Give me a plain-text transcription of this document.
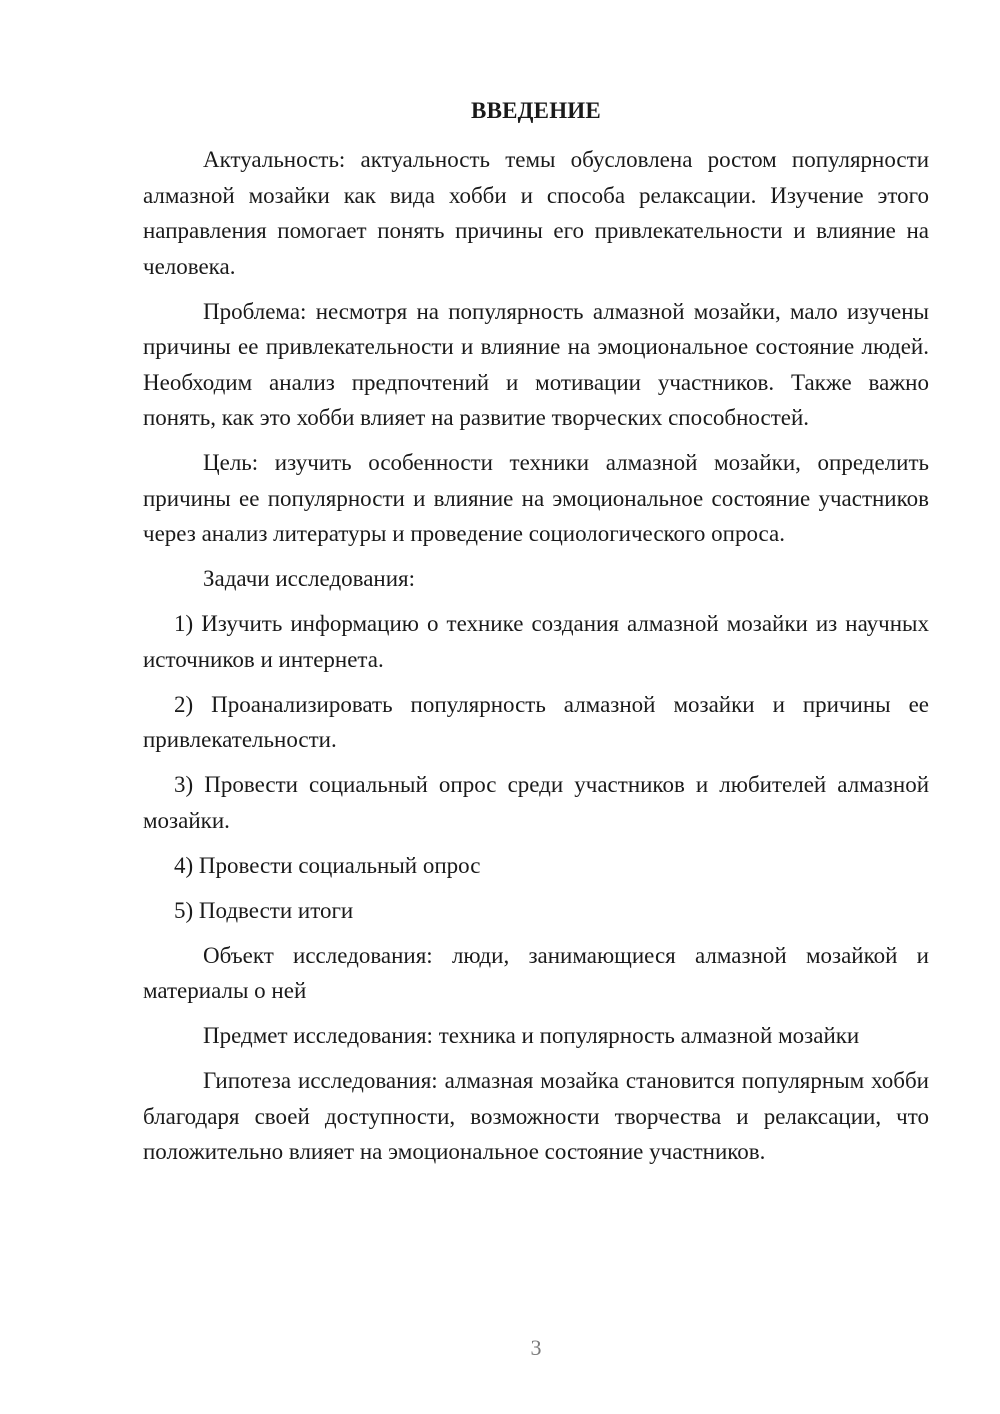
ВВЕДЕНИЕ

Актуальность: актуальность темы обусловлена ростом популярности алмазной мозайки как вида хобби и способа релаксации. Изучение этого направления помогает понять причины его привлекательности и влияние на человека.

Проблема: несмотря на популярность алмазной мозайки, мало изучены причины ее привлекательности и влияние на эмоциональное состояние людей. Необходим анализ предпочтений и мотивации участников. Также важно понять, как это хобби влияет на развитие творческих способностей.

Цель: изучить особенности техники алмазной мозайки, определить причины ее популярности и влияние на эмоциональное состояние участников через анализ литературы и проведение социологического опроса.

Задачи исследования:

1) Изучить информацию о технике создания алмазной мозайки из научных источников и интернета.

2) Проанализировать популярность алмазной мозайки и причины ее привлекательности.

3) Провести социальный опрос среди участников и любителей алмазной мозайки.

4) Провести социальный опрос

5) Подвести итоги

Объект исследования: люди, занимающиеся алмазной мозайкой и материалы о ней

Предмет исследования: техника и популярность алмазной мозайки

Гипотеза исследования: алмазная мозайка становится популярным хобби благодаря своей доступности, возможности творчества и релаксации, что положительно влияет на эмоциональное состояние участников.

3
